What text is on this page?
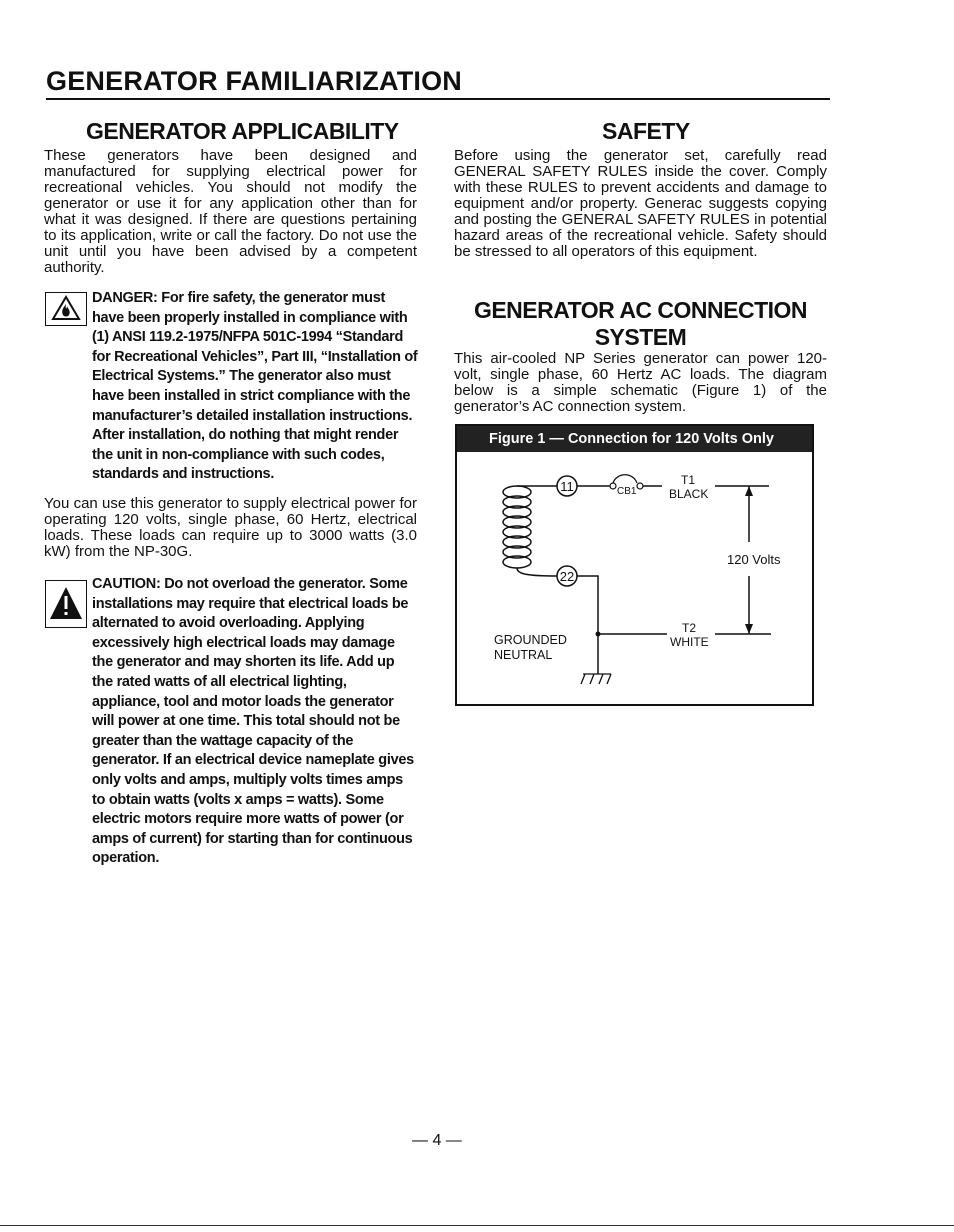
GENERATOR FAMILIARIZATION
GENERATOR APPLICABILITY

These generators have been designed and manufactured for supplying electrical power for recreational vehicles. You should not modify the generator or use it for any application other than for what it was designed. If there are questions pertaining to its application, write or call the factory. Do not use the unit until you have been advised by a competent authority.

DANGER: For fire safety, the generator must have been properly installed in compliance with (1) ANSI 119.2-1975/NFPA 501C-1994 “Standard for Recreational Vehicles”, Part III, “Installation of Electrical Systems.” The generator also must have been installed in strict compliance with the manufacturer’s detailed installation instructions. After installation, do nothing that might render the unit in non-compliance with such codes, standards and instructions.

You can use this generator to supply electrical power for operating 120 volts, single phase, 60 Hertz, electrical loads. These loads can require up to 3000 watts (3.0 kW) from the NP-30G.

CAUTION: Do not overload the generator. Some installations may require that electrical loads be alternated to avoid overloading. Applying excessively high electrical loads may damage the generator and may shorten its life. Add up the rated watts of all electrical lighting, appliance, tool and motor loads the generator will power at one time. This total should not be greater than the wattage capacity of the generator. If an electrical device nameplate gives only volts and amps, multiply volts times amps to obtain watts (volts x amps = watts). Some electric motors require more watts of power (or amps of current) for starting than for continuous operation.

SAFETY

Before using the generator set, carefully read GENERAL SAFETY RULES inside the cover. Comply with these RULES to prevent accidents and damage to equipment and/or property. Generac suggests copying and posting the GENERAL SAFETY RULES in potential hazard areas of the recreational vehicle. Safety should be stressed to all operators of this equipment.

GENERATOR AC CONNECTION
SYSTEM

This air-cooled NP Series generator can power 120-volt, single phase, 60 Hertz AC loads. The diagram below is a simple schematic (Figure 1) of the generator’s AC connection system.

Figure 1 — Connection for 120 Volts Only
11	CB1
T1
BLACK
120 Volts
22
T2
WHITE
GROUNDED
NEUTRAL
— 4 —
